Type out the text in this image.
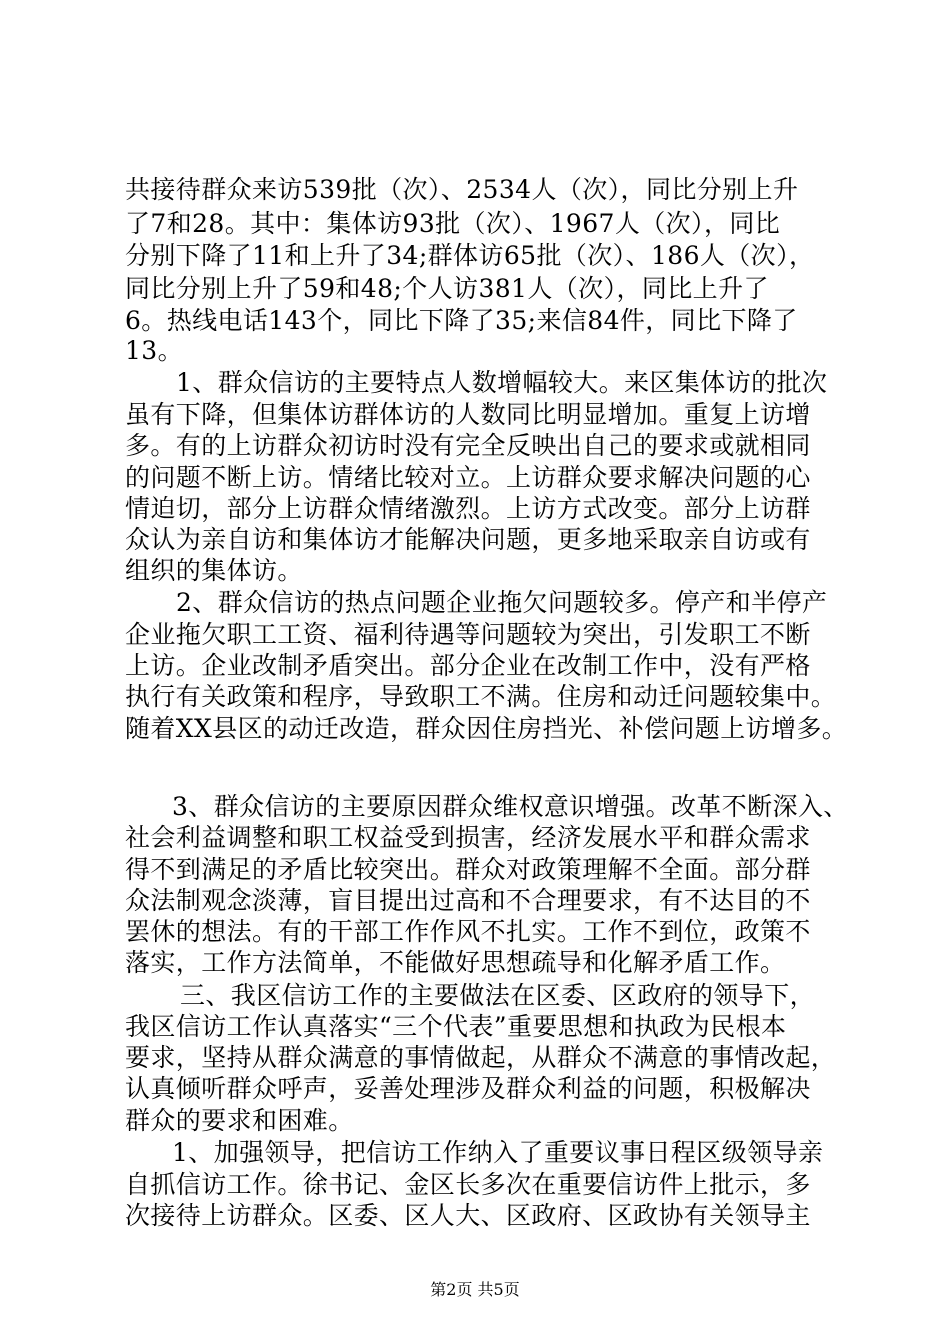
共接待群众来访539批（次）、2534人（次），同比分别上升
了7和28。其中：集体访93批（次）、1967人（次），同比
分别下降了11和上升了34;群体访65批（次）、186人（次），
同比分别上升了59和48;个人访381人（次），同比上升了
6。热线电话143个，同比下降了35;来信84件，同比下降了
13。
1、群众信访的主要特点人数增幅较大。来区集体访的批次
虽有下降，但集体访群体访的人数同比明显增加。重复上访增
多。有的上访群众初访时没有完全反映出自己的要求或就相同
的问题不断上访。情绪比较对立。上访群众要求解决问题的心
情迫切，部分上访群众情绪激烈。上访方式改变。部分上访群
众认为亲自访和集体访才能解决问题，更多地采取亲自访或有
组织的集体访。
2、群众信访的热点问题企业拖欠问题较多。停产和半停产
企业拖欠职工工资、福利待遇等问题较为突出，引发职工不断
上访。企业改制矛盾突出。部分企业在改制工作中，没有严格
执行有关政策和程序，导致职工不满。住房和动迁问题较集中。
随着XX县区的动迁改造，群众因住房挡光、补偿问题上访增多。
3、群众信访的主要原因群众维权意识增强。改革不断深入、
社会利益调整和职工权益受到损害，经济发展水平和群众需求
得不到满足的矛盾比较突出。群众对政策理解不全面。部分群
众法制观念淡薄，盲目提出过高和不合理要求，有不达目的不
罢休的想法。有的干部工作作风不扎实。工作不到位，政策不
落实，工作方法简单，不能做好思想疏导和化解矛盾工作。
三、我区信访工作的主要做法在区委、区政府的领导下，
我区信访工作认真落实“三个代表”重要思想和执政为民根本
要求，坚持从群众满意的事情做起，从群众不满意的事情改起，
认真倾听群众呼声，妥善处理涉及群众利益的问题，积极解决
群众的要求和困难。
1、加强领导，把信访工作纳入了重要议事日程区级领导亲
自抓信访工作。徐书记、金区长多次在重要信访件上批示，多
次接待上访群众。区委、区人大、区政府、区政协有关领导主
第2页 共5页
